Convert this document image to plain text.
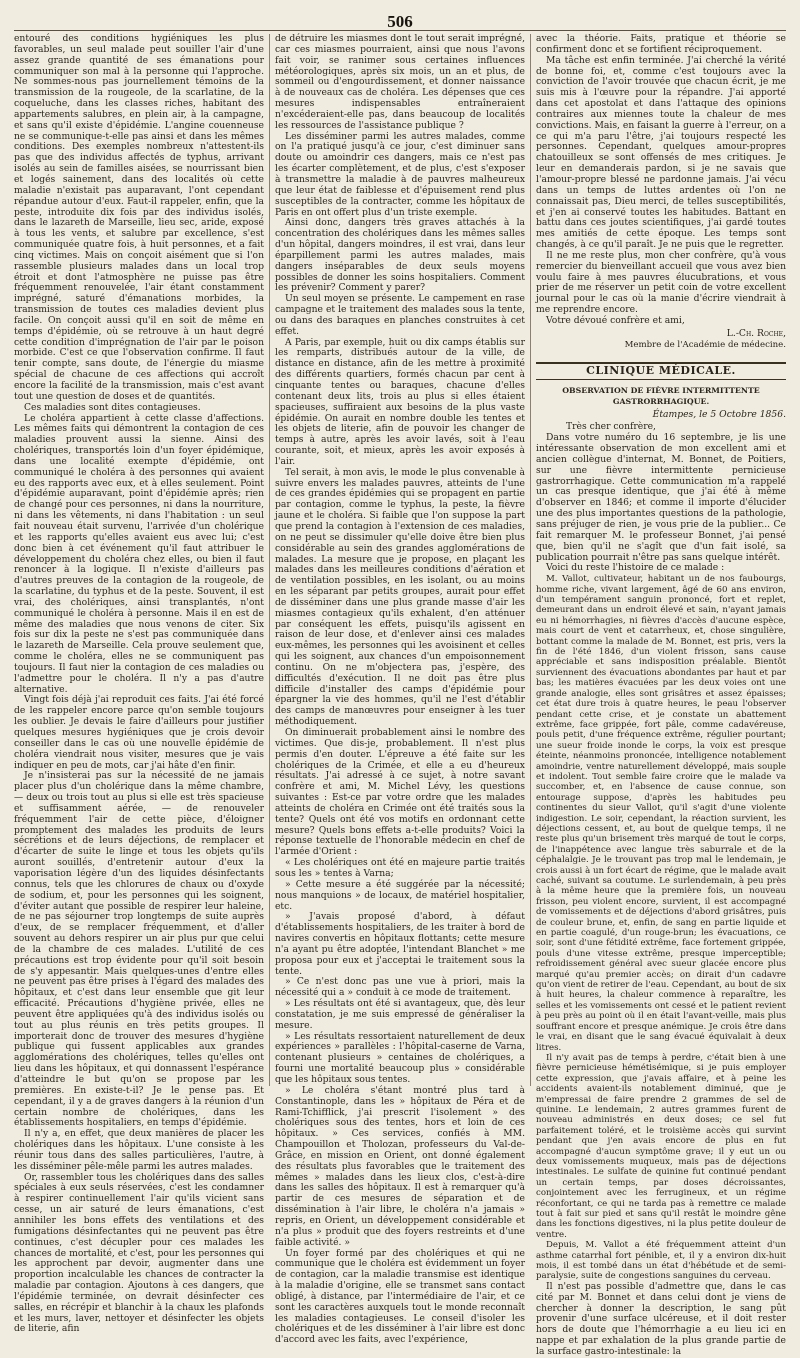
506

entouré des conditions hygiéniques les plus favorables, un seul malade peut souiller l'air d'une assez grande quantité de ses émanations pour communiquer son mal à la personne qui l'approche. Ne sommes-nous pas journellement témoins de la transmission de la rougeole, de la scarlatine, de la coqueluche, dans les classes riches, habitant des appartements salubres, en plein air, à la campagne, et sans qu'il existe d'épidémie. L'angine couenneuse ne se communique-t-elle pas ainsi et dans les mêmes conditions. Des exemples nombreux n'attestent-ils pas que des individus affectés de typhus, arrivant isolés au sein de familles aisées, se nourrissant bien et logés sainement, dans des localités où cette maladie n'existait pas auparavant, l'ont cependant répandue autour d'eux. Faut-il rappeler, enfin, que la peste, introduite dix fois par des individus isolés, dans le lazareth de Marseille, lieu sec, aride, exposé à tous les vents, et salubre par excellence, s'est communiquée quatre fois, à huit personnes, et a fait cinq victimes. Mais on conçoit aisément que si l'on rassemble plusieurs malades dans un local trop étroit et dont l'atmosphère ne puisse pas être fréquemment renouvelée, l'air étant constamment imprégné, saturé d'émanations morbides, la transmission de toutes ces maladies devient plus facile. On conçoit aussi qu'il en soit de même en temps d'épidémie, où se retrouve à un haut degré cette condition d'imprégnation de l'air par le poison morbide. C'est ce que l'observation confirme. Il faut tenir compte, sans doute, de l'énergie du miasme spécial de chacune de ces affections qui accroît encore la facilité de la transmission, mais c'est avant tout une question de doses et de quantités.

Ces maladies sont dites contagieuses.

Le choléra appartient à cette classe d'affections. Les mêmes faits qui démontrent la contagion de ces maladies prouvent aussi la sienne. Ainsi des cholériques, transportés loin d'un foyer épidémique, dans une localité exempte d'épidémie, ont communiqué le choléra à des personnes qui avaient eu des rapports avec eux, et à elles seulement. Point d'épidémie auparavant, point d'épidémie après; rien de changé pour ces personnes, ni dans la nourriture, ni dans les vêtements, ni dans l'habitation : un seul fait nouveau était survenu, l'arrivée d'un cholérique et les rapports qu'elles avaient eus avec lui; c'est donc bien à cet événement qu'il faut attribuer le développement du choléra chez elles, ou bien il faut renoncer à la logique. Il n'existe d'ailleurs pas d'autres preuves de la contagion de la rougeole, de la scarlatine, du typhus et de la peste. Souvent, il est vrai, des cholériques, ainsi transplantés, n'ont communiqué le choléra à personne. Mais il en est de même des maladies que nous venons de citer. Six fois sur dix la peste ne s'est pas communiquée dans le lazareth de Marseille. Cela prouve seulement que, comme le choléra, elles ne se communiquent pas toujours. Il faut nier la contagion de ces maladies ou l'admettre pour le choléra. Il n'y a pas d'autre alternative.

Vingt fois déjà j'ai reproduit ces faits. J'ai été forcé de les rappeler encore parce qu'on semble toujours les oublier. Je devais le faire d'ailleurs pour justifier quelques mesures hygiéniques que je crois devoir conseiller dans le cas où une nouvelle épidémie de choléra viendrait nous visiter, mesures que je vais indiquer en peu de mots, car j'ai hâte d'en finir.

Je n'insisterai pas sur la nécessité de ne jamais placer plus d'un cholérique dans la même chambre, — deux ou trois tout au plus si elle est très spacieuse et suffisamment aérée, — de renouveler fréquemment l'air de cette pièce, d'éloigner promptement des malades les produits de leurs sécrétions et de leurs déjections, de remplacer et d'écarter de suite le linge et tous les objets qu'ils auront souillés, d'entretenir autour d'eux la vaporisation légère d'un des liquides désinfectants connus, tels que les chlorures de chaux ou d'oxyde de sodium, et, pour les personnes qui les soignent, d'éviter autant que possible de respirer leur haleine, de ne pas séjourner trop longtemps de suite auprès d'eux, de se remplacer fréquemment, et d'aller souvent au dehors respirer un air plus pur que celui de la chambre de ces malades. L'utilité de ces précautions est trop évidente pour qu'il soit besoin de s'y appesantir. Mais quelques-unes d'entre elles ne peuvent pas être prises à l'égard des malades des hôpitaux, et c'est dans leur ensemble que git leur efficacité. Précautions d'hygiène privée, elles ne peuvent être appliquées qu'à des individus isolés ou tout au plus réunis en très petits groupes. Il importerait donc de trouver des mesures d'hygiène publique qui fussent applicables aux grandes agglomérations des cholériques, telles qu'elles ont lieu dans les hôpitaux, et qui donnassent l'espérance d'atteindre le but qu'on se propose par les premières. En existe-t-il? Je le pense pas. Et cependant, il y a de graves dangers à la réunion d'un certain nombre de cholériques, dans les établissements hospitaliers, en temps d'épidémie.

Il n'y a, en effet, que deux manières de placer les cholériques dans les hôpitaux. L'une consiste à les réunir tous dans des salles particulières, l'autre, à les disséminer pêle-mêle parmi les autres malades.

Or, rassembler tous les cholériques dans des salles spéciales à eux seuls réservées, c'est les condamner à respirer continuellement l'air qu'ils vicient sans cesse, un air saturé de leurs émanations, c'est annihiler les bons effets des ventilations et des fumigations désinfectantes qui ne peuvent pas être continues, c'est décupler pour ces malades les chances de mortalité, et c'est, pour les personnes qui les approchent par devoir, augmenter dans une proportion incalculable les chances de contracter la maladie par contagion. Ajoutons à ces dangers, que l'épidémie terminée, on devrait désinfecter ces salles, en récrépir et blanchir à la chaux les plafonds et les murs, laver, nettoyer et désinfecter les objets de literie, afin

de détruire les miasmes dont le tout serait imprégné, car ces miasmes pourraient, ainsi que nous l'avons fait voir, se ranimer sous certaines influences météorologiques, après six mois, un an et plus, de sommeil ou d'engourdissement, et donner naissance à de nouveaux cas de choléra. Les dépenses que ces mesures indispensables entraîneraient n'excéderaient-elle pas, dans beaucoup de localités les ressources de l'assistance publique ?

Les disséminer parmi les autres malades, comme on l'a pratiqué jusqu'à ce jour, c'est diminuer sans doute ou amoindrir ces dangers, mais ce n'est pas les écarter complètement, et de plus, c'est s'exposer à transmettre la maladie à de pauvres malheureux que leur état de faiblesse et d'épuisement rend plus susceptibles de la contracter, comme les hôpitaux de Paris en ont offert plus d'un triste exemple.

Ainsi donc, dangers très graves attachés à la concentration des cholériques dans les mêmes salles d'un hôpital, dangers moindres, il est vrai, dans leur éparpillement parmi les autres malades, mais dangers inséparables de deux seuls moyens possibles de donner les soins hospitaliers. Comment les prévenir? Comment y parer?

Un seul moyen se présente. Le campement en rase campagne et le traitement des malades sous la tente, ou dans des baraques en planches construites à cet effet.

A Paris, par exemple, huit ou dix camps établis sur les remparts, distribués autour de la ville, de distance en distance, afin de les mettre à proximité des différents quartiers, formés chacun par cent à cinquante tentes ou baraques, chacune d'elles contenant deux lits, trois au plus si elles étaient spacieuses, suffiraient aux besoins de la plus vaste épidémie. On aurait en nombre double les tentes et les objets de literie, afin de pouvoir les changer de temps à autre, après les avoir lavés, soit à l'eau courante, soit, et mieux, après les avoir exposés à l'air.

Tel serait, à mon avis, le mode le plus convenable à suivre envers les malades pauvres, atteints de l'une de ces grandes épidémies qui se propagent en partie par contagion, comme le typhus, la peste, la fièvre jaune et le choléra. Si faible que l'on suppose la part que prend la contagion à l'extension de ces maladies, on ne peut se dissimuler qu'elle doive être bien plus considérable au sein des grandes agglomérations de malades. La mesure que je propose, en plaçant les malades dans les meilleures conditions d'aération et de ventilation possibles, en les isolant, ou au moins en les séparant par petits groupes, aurait pour effet de disséminer dans une plus grande masse d'air les miasmes contagieux qu'ils exhalent, d'en atténuer par conséquent les effets, puisqu'ils agissent en raison de leur dose, et d'enlever ainsi ces malades eux-mêmes, les personnes qui les avoisinent et celles qui les soignent, aux chances d'un empoisonnement continu. On ne m'objectera pas, j'espère, des difficultés d'exécution. Il ne doit pas être plus difficile d'installer des camps d'épidémie pour épargner la vie des hommes, qu'il ne l'est d'établir des camps de manœuvres pour enseigner à les tuer méthodiquement.

On diminuerait probablement ainsi le nombre des victimes. Que dis-je, probablement. Il n'est plus permis d'en douter. L'épreuve a été faite sur les cholériques de la Crimée, et elle a eu d'heureux résultats. J'ai adressé à ce sujet, à notre savant confrère et ami, M. Michel Lévy, les questions suivantes : Est-ce par votre ordre que les malades atteints de choléra en Crimée ont été traités sous la tente? Quels ont été vos motifs en ordonnant cette mesure? Quels bons effets a-t-elle produits? Voici la réponse textuelle de l'honorable médecin en chef de l'armée d'Orient :

« Les cholériques ont été en majeure partie traités sous les » tentes à Varna;

» Cette mesure a été suggérée par la nécessité; nous manquions » de locaux, de matériel hospitalier, etc.

» J'avais proposé d'abord, à défaut d'établissements hospitaliers, de les traiter à bord de navires convertis en hôpitaux flottants; cette mesure n'a ayant pu être adoptée, l'intendant Blanchet » me proposa pour eux et j'acceptai le traitement sous la tente.

» Ce n'est donc pas une vue à priori, mais la nécessité qui a » conduit à ce mode de traitement.

» Les résultats ont été si avantageux, que, dès leur constatation, je me suis empressé de généraliser la mesure.

» Les résultats ressortaient naturellement de deux expériences » parallèles : l'hôpital-caserne de Varna, contenant plusieurs » centaines de cholériques, a fourni une mortalité beaucoup plus » considérable que les hôpitaux sous tentes.

» Le choléra s'étant montré plus tard à Constantinople, dans les » hôpitaux de Péra et de Rami-Tchifflick, j'ai prescrit l'isolement » des cholériques sous des tentes, hors et loin de ces hôpitaux. » Ces services, confiés à MM. Champouillon et Tholozan, professeurs du Val-de-Grâce, en mission en Orient, ont donné également des résultats plus favorables que le traitement des mêmes » malades dans les lieux clos, c'est-à-dire dans les salles des hôpitaux. Il est à remarquer qu'à partir de ces mesures de séparation et de dissémination à l'air libre, le choléra n'a jamais » repris, en Orient, un développement considérable et n'a plus » produit que des foyers restreints et d'une faible activité. »

Un foyer formé par des cholériques et qui ne communique que le choléra est évidemment un foyer de contagion, car la maladie transmise est identique à la maladie d'origine, elle se transmet sans contact obligé, à distance, par l'intermédiaire de l'air, et ce sont les caractères auxquels tout le monde reconnaît les maladies contagieuses. Le conseil d'isoler les cholériques et de les disséminer à l'air libre est donc d'accord avec les faits, avec l'expérience,

avec la théorie. Faits, pratique et théorie se confirment donc et se fortifient réciproquement.

Ma tâche est enfin terminée. J'ai cherché la vérité de bonne foi, et, comme c'est toujours avec la conviction de l'avoir trouvée que chacun écrit, je me suis mis à l'œuvre pour la répandre. J'ai apporté dans cet apostolat et dans l'attaque des opinions contraires aux miennes toute la chaleur de mes convictions. Mais, en faisant la guerre à l'erreur, on a ce qui m'a paru l'être, j'ai toujours respecté les personnes. Cependant, quelques amour-propres chatouilleux se sont offensés de mes critiques. Je leur en demanderais pardon, si je ne savais que l'amour-propre blessé ne pardonne jamais. J'ai vécu dans un temps de luttes ardentes où l'on ne connaissait pas, Dieu merci, de telles susceptibilités, et j'en ai conservé toutes les habitudes. Battant en battu dans ces joutes scientifiques, j'ai gardé toutes mes amitiés de cette époque. Les temps sont changés, à ce qu'il paraît. Je ne puis que le regretter.

Il ne me reste plus, mon cher confrère, qu'à vous remercier du bienveillant accueil que vous avez bien voulu faire à mes pauvres élucubrations, et vous prier de me réserver un petit coin de votre excellent journal pour le cas où la manie d'écrire viendrait à me reprendre encore.

Votre dévoué confrère et ami,

L.-Ch. Roche,
Membre de l'Académie de médecine.
CLINIQUE MÉDICALE.
OBSERVATION DE FIÈVRE INTERMITTENTE GASTRORRHAGIQUE.
Étampes, le 5 Octobre 1856.

Très cher confrère,

Dans votre numéro du 16 septembre, je lis une intéressante observation de mon excellent ami et ancien collègue d'internat, M. Bonnet, de Poitiers, sur une fièvre intermittente pernicieuse gastrorrhagique. Cette communication m'a rappelé un cas presque identique, que j'ai été à même d'observer en 1846; et comme il importe d'élucider une des plus importantes questions de la pathologie, sans préjuger de rien, je vous prie de la publier... Ce fait remarquer M. le professeur Bonnet, j'ai pensé que, bien qu'il ne s'agît que d'un fait isolé, sa publication pourrait n'être pas sans quelque intérêt.

Voici du reste l'histoire de ce malade :

M. Vallot, cultivateur, habitant un de nos faubourgs, homme riche, vivant largement, âgé de 60 ans environ, d'un tempérament sanguin prononcé, fort et replet, demeurant dans un endroit élevé et sain, n'ayant jamais eu ni hémorrhagies, ni fièvres d'accès d'aucune espèce, mais court de vent et catarrheux, et, chose singulière, bottant comme la malade de M. Bonnet, est pris, vers la fin de l'été 1846, d'un violent frisson, sans cause appréciable et sans indisposition préalable. Bientôt surviennent des évacuations abondantes par haut et par bas; les matières évacuées par les deux voies ont une grande analogie, elles sont grisâtres et assez épaisses; cet état dure trois à quatre heures, le peau l'observer pendant cette crise, et je constate un abattement extrême, face grippée, fort pâle, comme cadavéreuse, pouls petit, d'une fréquence extrême, régulier pourtant; une sueur froide inonde le corps, la voix est presque éteinte, néanmoins prononcée, intelligence notablement amoindrie, ventre naturellement développé, mais souple et indolent. Tout semble faire croire que le malade va succomber, et, en l'absence de cause connue, son entourage suppose, d'après les habitudes peu continentes du sieur Vallot, qu'il s'agit d'une violente indigestion. Le soir, cependant, la réaction survient, les déjections cessent, et, au bout de quelque temps, il ne reste plus qu'un brisement très marqué de tout le corps, de l'inappétence avec langue très saburrale et de la céphalalgie. Je le trouvant pas trop mal le lendemain, je crois aussi à un fort écart de régime, que le malade avait caché, suivant sa coutume. Le surlendemain, à peu près à la même heure que la première fois, un nouveau frisson, peu violent encore, survient, il est accompagné de vomissements et de déjections d'abord grisâtres, puis de couleur brune, et, enfin, de sang en partie liquide et en partie coagulé, d'un rouge-brun; les évacuations, ce soir, sont d'une fétidité extrême, face fortement grippée, pouls d'une vitesse extrême, presque imperceptible; refroidissement général avec sueur glacée encore plus marqué qu'au premier accès; on dirait d'un cadavre qu'on vient de retirer de l'eau. Cependant, au bout de six à huit heures, la chaleur commence à reparaître, les selles et les vomissements ont cessé et le patient revient à peu près au point où il en était l'avant-veille, mais plus souffrant encore et presque anémique. Je crois être dans le vrai, en disant que le sang évacué équivalait à deux litres.

Il n'y avait pas de temps à perdre, c'était bien à une fièvre pernicieuse hémétisémique, si je puis employer cette expression, que j'avais affaire, et à peine les accidents avaient-ils notablement diminué, que je m'empressai de faire prendre 2 grammes de sel de quinine. Le lendemain, 2 autres grammes furent de nouveau administrés en deux doses; ce sel fut parfaitement toléré, et le troisième accès qui survint pendant que j'en avais encore de plus en fut accompagné d'aucun symptôme grave; il y eut un ou deux vomissements muqueux, mais pas de déjections intestinales. Le sulfate de quinine fut continué pendant un certain temps, par doses décroissantes, conjointement avec les ferrugineux, et un régime réconfortant, ce qui ne tarda pas à remettre ce malade tout à fait sur pied et sans qu'il restât le moindre gêne dans les fonctions digestives, ni la plus petite douleur de ventre.

Depuis, M. Vallot a été fréquemment atteint d'un asthme catarrhal fort pénible, et, il y a environ dix-huit mois, il est tombé dans un état d'hébétude et de semi-paralysie, suite de congestions sanguines du cerveau.

Il n'est pas possible d'admettre que, dans le cas cité par M. Bonnet et dans celui dont je viens de chercher à donner la description, le sang pût provenir d'une surface ulcéreuse, et il doit rester hors de doute que l'hémorrhagie a eu lieu ici en nappe et par exhalation de la plus grande partie de la surface gastro-intestinale: la
